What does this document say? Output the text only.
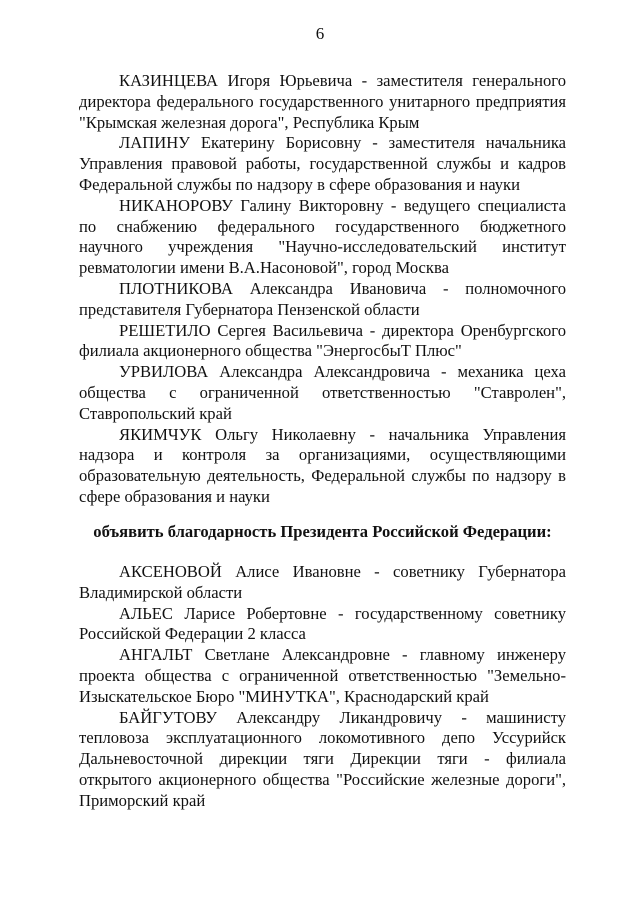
6

КАЗИНЦЕВА Игоря Юрьевича - заместителя генерального директора федерального государственного унитарного предприятия "Крымская железная дорога", Республика Крым

ЛАПИНУ Екатерину Борисовну - заместителя начальника Управления правовой работы, государственной службы и кадров Федеральной службы по надзору в сфере образования и науки

НИКАНОРОВУ Галину Викторовну - ведущего специалиста по снабжению федерального государственного бюджетного научного учреждения "Научно-исследовательский институт ревматологии имени В.А.Насоновой", город Москва

ПЛОТНИКОВА Александра Ивановича - полномочного представителя Губернатора Пензенской области

РЕШЕТИЛО Сергея Васильевича - директора Оренбургского филиала акционерного общества "ЭнергосбыТ Плюс"

УРВИЛОВА Александра Александровича - механика цеха общества с ограниченной ответственностью "Ставролен", Ставропольский край

ЯКИМЧУК Ольгу Николаевну - начальника Управления надзора и контроля за организациями, осуществляющими образовательную деятельность, Федеральной службы по надзору в сфере образования и науки

объявить благодарность Президента Российской Федерации:

АКСЕНОВОЙ Алисе Ивановне - советнику Губернатора Владимирской области

АЛЬЕС Ларисе Робертовне - государственному советнику Российской Федерации 2 класса

АНГАЛЬТ Светлане Александровне - главному инженеру проекта общества с ограниченной ответственностью "Земельно-Изыскательское Бюро "МИНУТКА", Краснодарский край

БАЙГУТОВУ Александру Ликандровичу - машинисту тепловоза эксплуатационного локомотивного депо Уссурийск Дальневосточной дирекции тяги Дирекции тяги - филиала открытого акционерного общества "Российские железные дороги", Приморский край
